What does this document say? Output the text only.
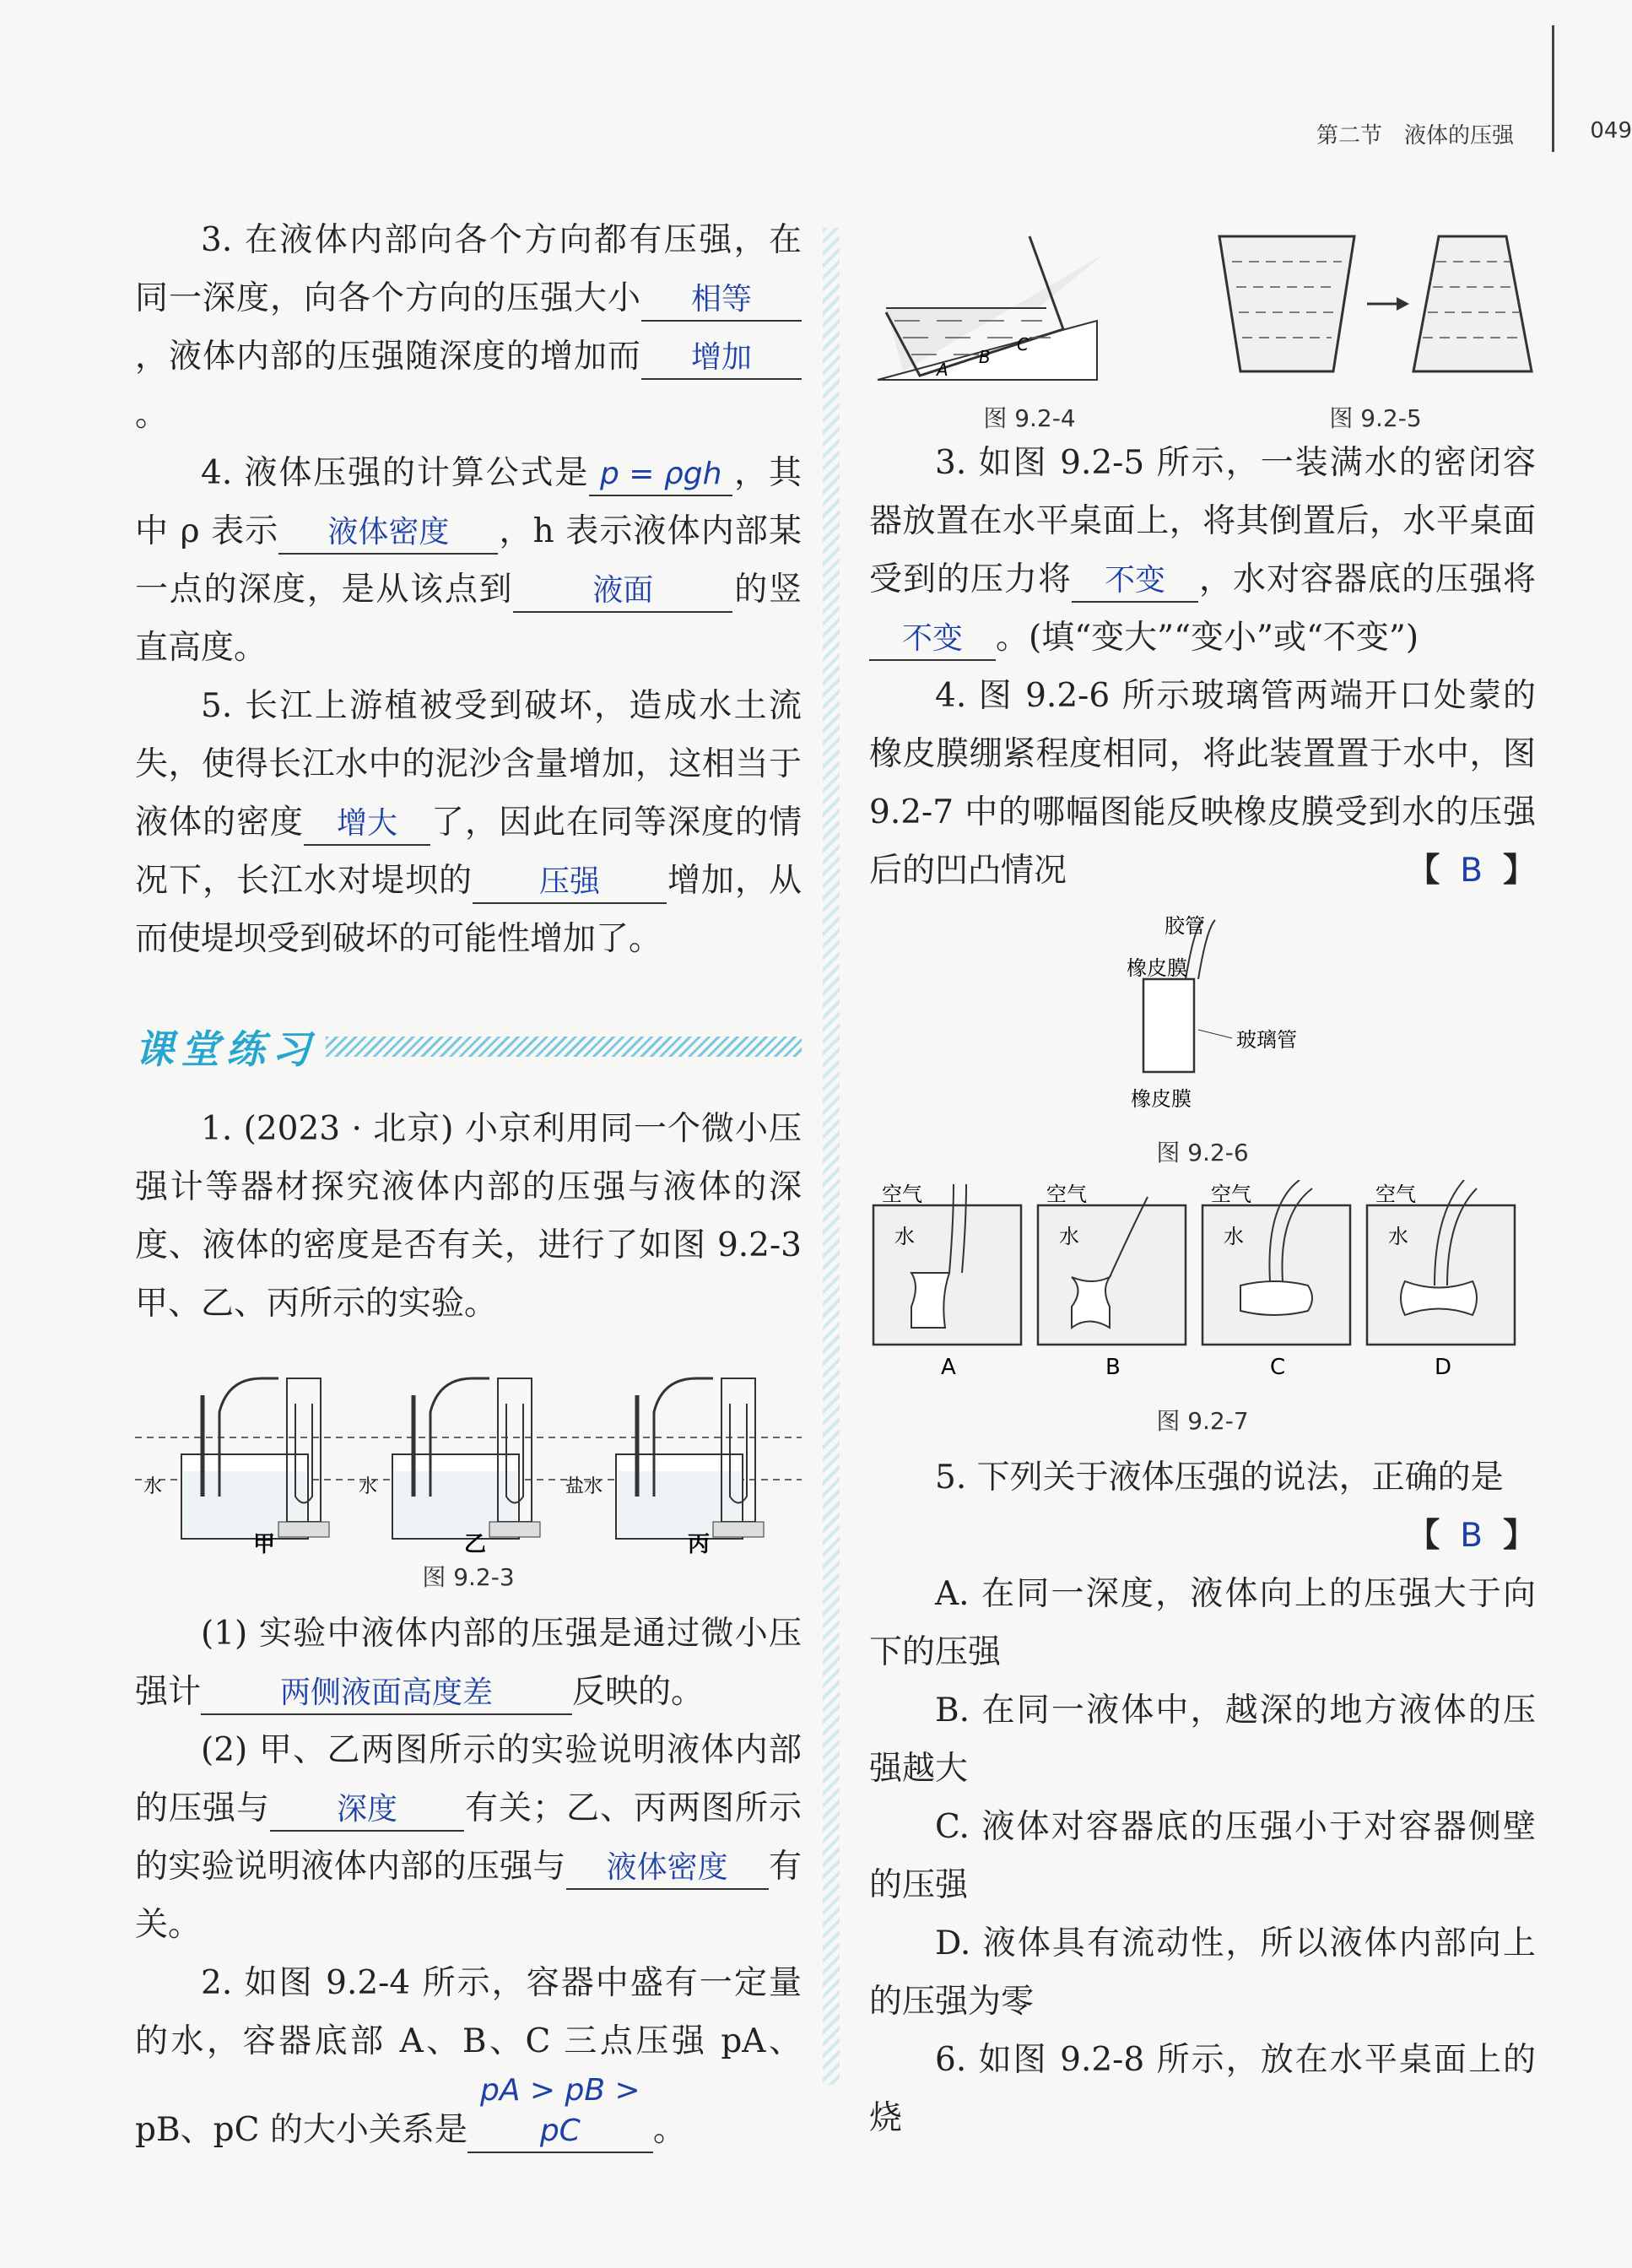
第二节　液体的压强	049

3. 在液体内部向各个方向都有压强，在同一深度，向各个方向的压强大小 相等，液体内部的压强随深度的增加而 增加。

4. 液体压强的计算公式是 p = ρgh ，其中 ρ 表示 液体密度 ，h 表示液体内部某一点的深度，是从该点到	液面 的竖直高度。

5. 长江上游植被受到破坏，造成水土流失，使得长江水中的泥沙含量增加，这相当于液体的密度 增大 了，因此在同等深度的情况下，长江水对堤坝的 压强 增加，从而使堤坝受到破坏的可能性增加了。

课堂练习

1. (2023 · 北京) 小京利用同一个微小压强计等器材探究液体内部的压强与液体的深度、液体的密度是否有关，进行了如图 9.2-3 甲、乙、丙所示的实验。

水
甲
水
乙
盐水
丙
图 9.2-3

(1) 实验中液体内部的压强是通过微小压强计	两侧液面高度差 反映的。

(2) 甲、乙两图所示的实验说明液体内部的压强与 深度 有关；乙、丙两图所示的实验说明液体内部的压强与 液体密度 有关。

2. 如图 9.2-4 所示，容器中盛有一定量的水，容器底部 A、B、C 三点压强 pA、pB、pC 的大小关系是pA > pB > pC 。

A
B
C
图 9.2-4	图 9.2-5

3. 如图 9.2-5 所示，一装满水的密闭容器放置在水平桌面上，将其倒置后，水平桌面受到的压力将 不变 ，水对容器底的压强将不变 。(填“变大”“变小”或“不变”)

4. 图 9.2-6 所示玻璃管两端开口处蒙的橡皮膜绷紧程度相同，将此装置置于水中，图 9.2-7 中的哪幅图能反映橡皮膜受到水的压强后的凹凸情况	【 B 】

胶管
橡皮膜
玻璃管
橡皮膜
图 9.2-6
空气
水
A
空气
水
B
空气
水
C
空气
水
D
图 9.2-7

5. 下列关于液体压强的说法，正确的是

【 B 】

A. 在同一深度，液体向上的压强大于向下的压强

B. 在同一液体中，越深的地方液体的压强越大

C. 液体对容器底的压强小于对容器侧壁的压强

D. 液体具有流动性，所以液体内部向上的压强为零

6. 如图 9.2-8 所示，放在水平桌面上的烧
